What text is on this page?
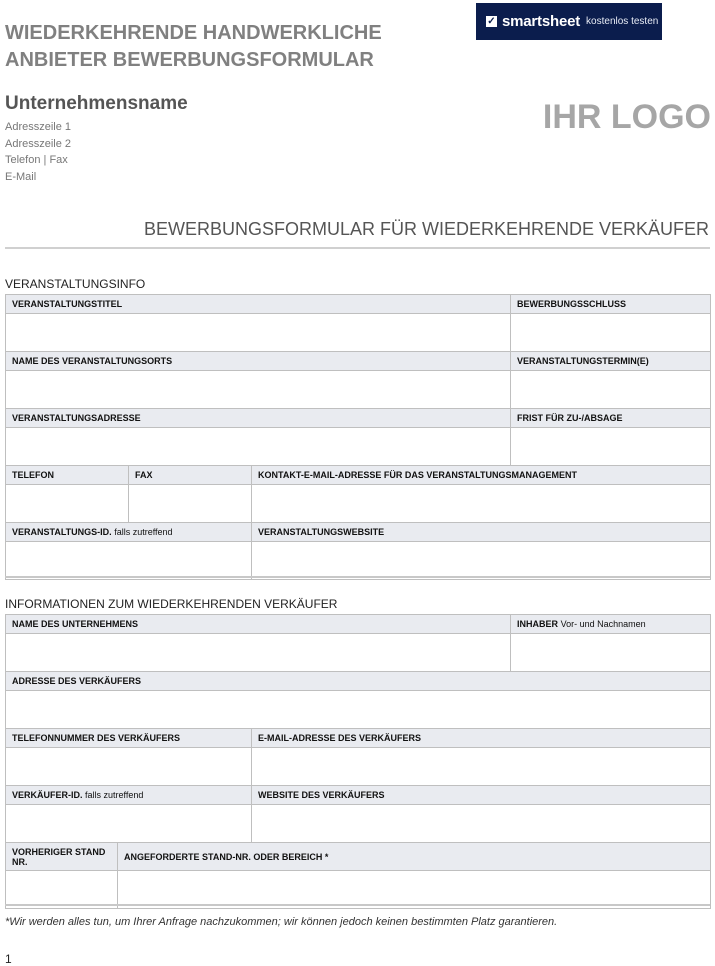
WIEDERKEHRENDE HANDWERKLICHE ANBIETER BEWERBUNGSFORMULAR
✓ smartsheet kostenlos testen
Unternehmensname
Adresszeile 1
Adresszeile 2
Telefon | Fax
E-Mail
IHR LOGO
BEWERBUNGSFORMULAR FÜR WIEDERKEHRENDE VERKÄUFER
VERANSTALTUNGSINFO
VERANSTALTUNGSTITEL			BEWERBUNGSSCHLUSS

NAME DES VERANSTALTUNGSORTS			VERANSTALTUNGSTERMIN(E)

VERANSTALTUNGSADRESSE			FRIST FÜR ZU-/ABSAGE

TELEFON	FAX	KONTAKT-E-MAIL-ADRESSE FÜR DAS VERANSTALTUNGSMANAGEMENT	

VERANSTALTUNGS-ID. falls zutreffend		VERANSTALTUNGSWEBSITE	

INFORMATIONEN ZUM WIEDERKEHRENDEN VERKÄUFER
NAME DES UNTERNEHMENS			INHABER Vor- und Nachnamen

ADRESSE DES VERKÄUFERS			

TELEFONNUMMER DES VERKÄUFERS		E-MAIL-ADRESSE DES VERKÄUFERS	

VERKÄUFER-ID. falls zutreffend		WEBSITE DES VERKÄUFERS	

VORHERIGER STAND NR.	ANGEFORDERTE STAND-NR. ODER BEREICH *		

*Wir werden alles tun, um Ihrer Anfrage nachzukommen; wir können jedoch keinen bestimmten Platz garantieren.
1
